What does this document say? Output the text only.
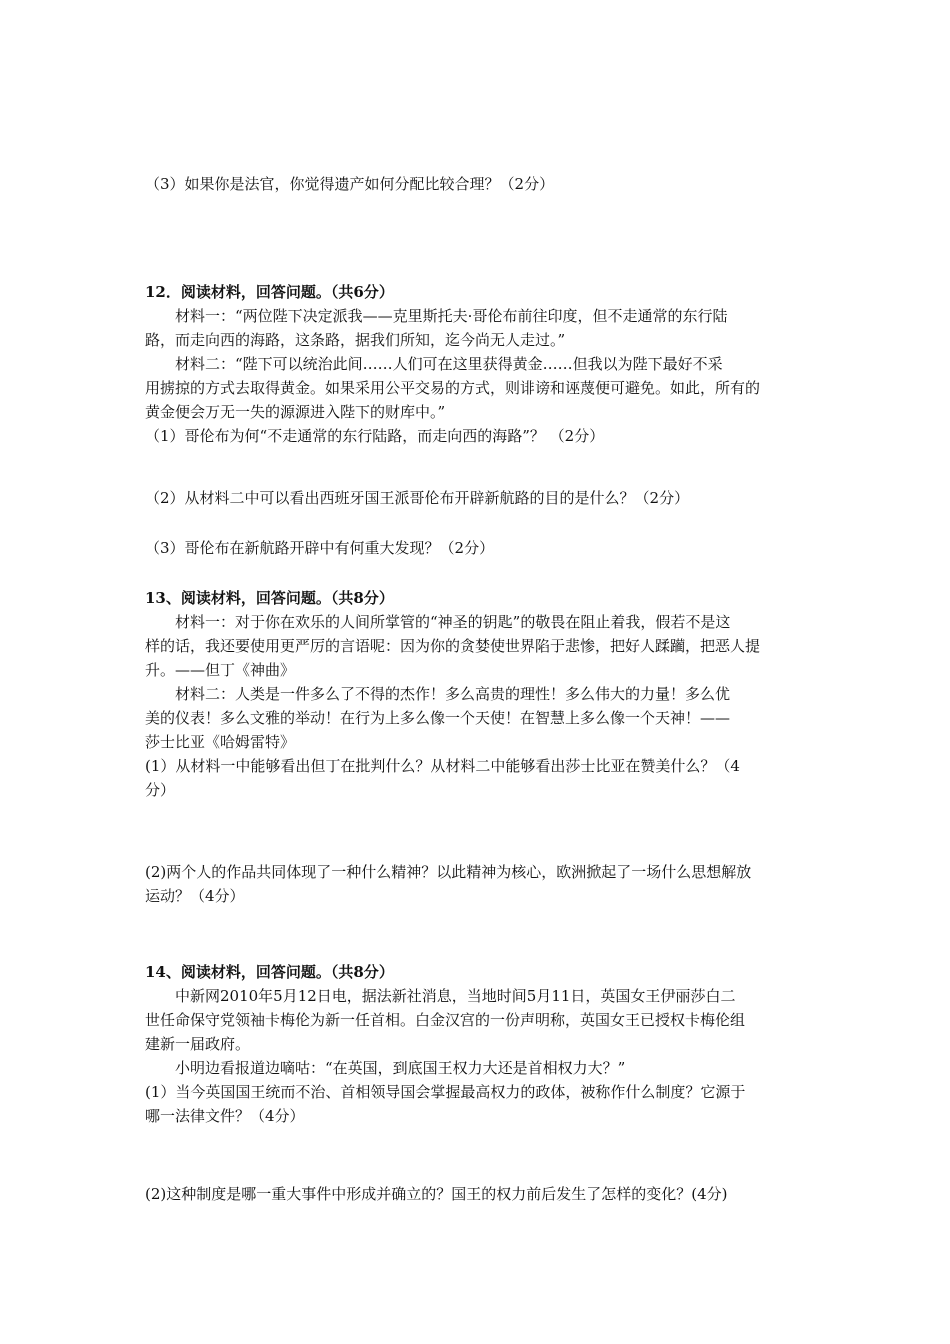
（3）如果你是法官，你觉得遗产如何分配比较合理？（2分）
12．阅读材料，回答问题。（共6分）
材料一：“两位陛下决定派我——克里斯托夫·哥伦布前往印度，但不走通常的东行陆
路，而走向西的海路，这条路，据我们所知，迄今尚无人走过。”
材料二：“陛下可以统治此间……人们可在这里获得黄金……但我以为陛下最好不采
用掳掠的方式去取得黄金。如果采用公平交易的方式，则诽谤和诬蔑便可避免。如此，所有的
黄金便会万无一失的源源进入陛下的财库中。”
（1）哥伦布为何“不走通常的东行陆路，而走向西的海路”？ （2分）
（2）从材料二中可以看出西班牙国王派哥伦布开辟新航路的目的是什么？（2分）
（3）哥伦布在新航路开辟中有何重大发现？（2分）
13、阅读材料，回答问题。（共8分）
材料一：对于你在欢乐的人间所掌管的“神圣的钥匙”的敬畏在阻止着我，假若不是这
样的话，我还要使用更严厉的言语呢：因为你的贪婪使世界陷于悲惨，把好人蹂躏，把恶人提
升。——但丁《神曲》
材料二：人类是一件多么了不得的杰作！多么高贵的理性！多么伟大的力量！多么优
美的仪表！多么文雅的举动！在行为上多么像一个天使！在智慧上多么像一个天神！——
莎士比亚《哈姆雷特》
(1）从材料一中能够看出但丁在批判什么？从材料二中能够看出莎士比亚在赞美什么？（4
分）
(2)两个人的作品共同体现了一种什么精神？以此精神为核心，欧洲掀起了一场什么思想解放
运动？（4分）
14、阅读材料，回答问题。（共8分）
中新网2010年5月12日电，据法新社消息，当地时间5月11日，英国女王伊丽莎白二
世任命保守党领袖卡梅伦为新一任首相。白金汉宫的一份声明称，英国女王已授权卡梅伦组
建新一届政府。
小明边看报道边嘀咕：“在英国，到底国王权力大还是首相权力大？”
(1）当今英国国王统而不治、首相领导国会掌握最高权力的政体，被称作什么制度？它源于
哪一法律文件？（4分）
(2)这种制度是哪一重大事件中形成并确立的？国王的权力前后发生了怎样的变化？(4分)
